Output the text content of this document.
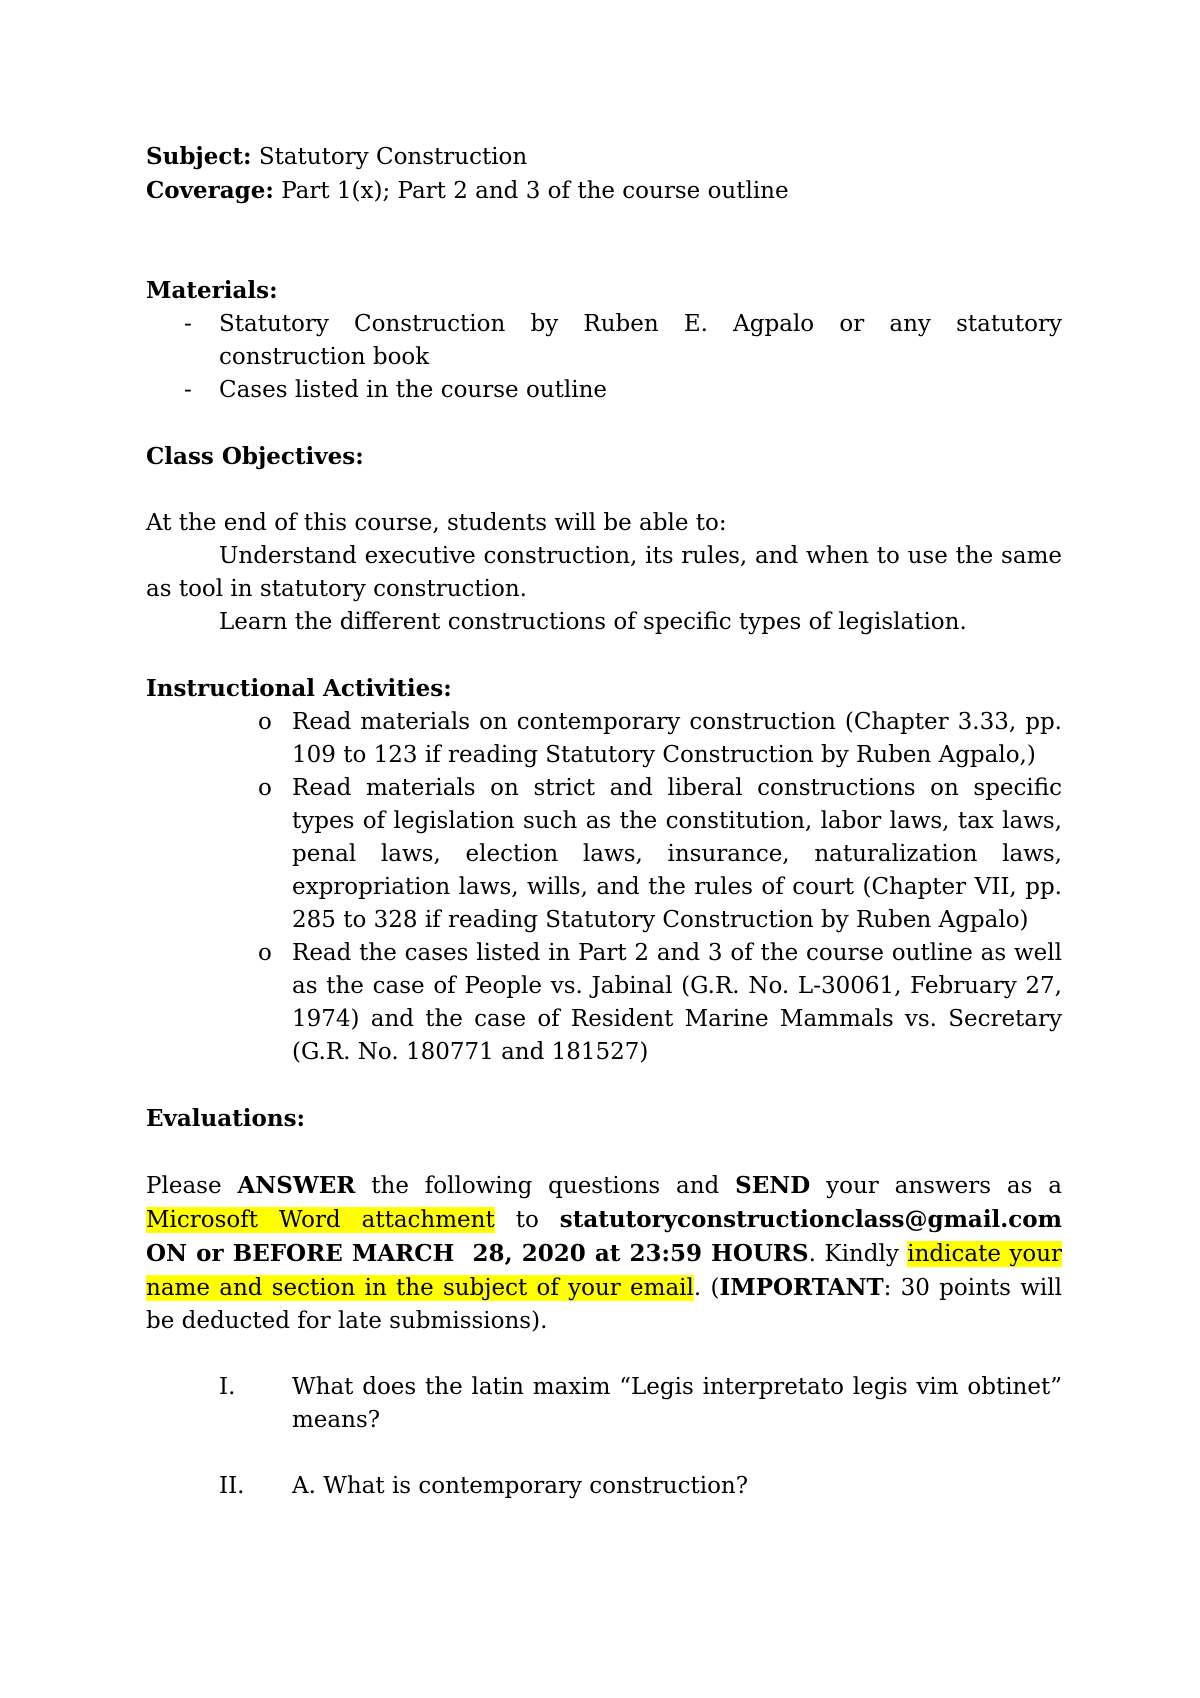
Subject: Statutory Construction

Coverage: Part 1(x); Part 2 and 3 of the course outline

Materials:

-	Statutory Construction by Ruben E. Agpalo or any statutory construction book
-	Cases listed in the course outline

Class Objectives:

At the end of this course, students will be able to:

Understand executive construction, its rules, and when to use the same as tool in statutory construction.

Learn the different constructions of specific types of legislation.

Instructional Activities:

o Read materials on contemporary construction (Chapter 3.33, pp. 109 to 123 if reading Statutory Construction by Ruben Agpalo,)
o Read materials on strict and liberal constructions on specific types of legislation such as the constitution, labor laws, tax laws, penal laws, election laws, insurance, naturalization laws, expropriation laws, wills, and the rules of court (Chapter VII, pp. 285 to 328 if reading Statutory Construction by Ruben Agpalo)
o Read the cases listed in Part 2 and 3 of the course outline as well as the case of People vs. Jabinal (G.R. No. L-30061, February 27, 1974) and the case of Resident Marine Mammals vs. Secretary (G.R. No. 180771 and 181527)

Evaluations:

Please ANSWER the following questions and SEND your answers as a Microsoft Word attachment to statutoryconstructionclass@gmail.com ON or BEFORE MARCH  28, 2020 at 23:59 HOURS. Kindly indicate your name and section in the subject of your email. (IMPORTANT: 30 points will be deducted for late submissions).

I.	What does the latin maxim “Legis interpretato legis vim obtinet” means?
II.	A. What is contemporary construction?
